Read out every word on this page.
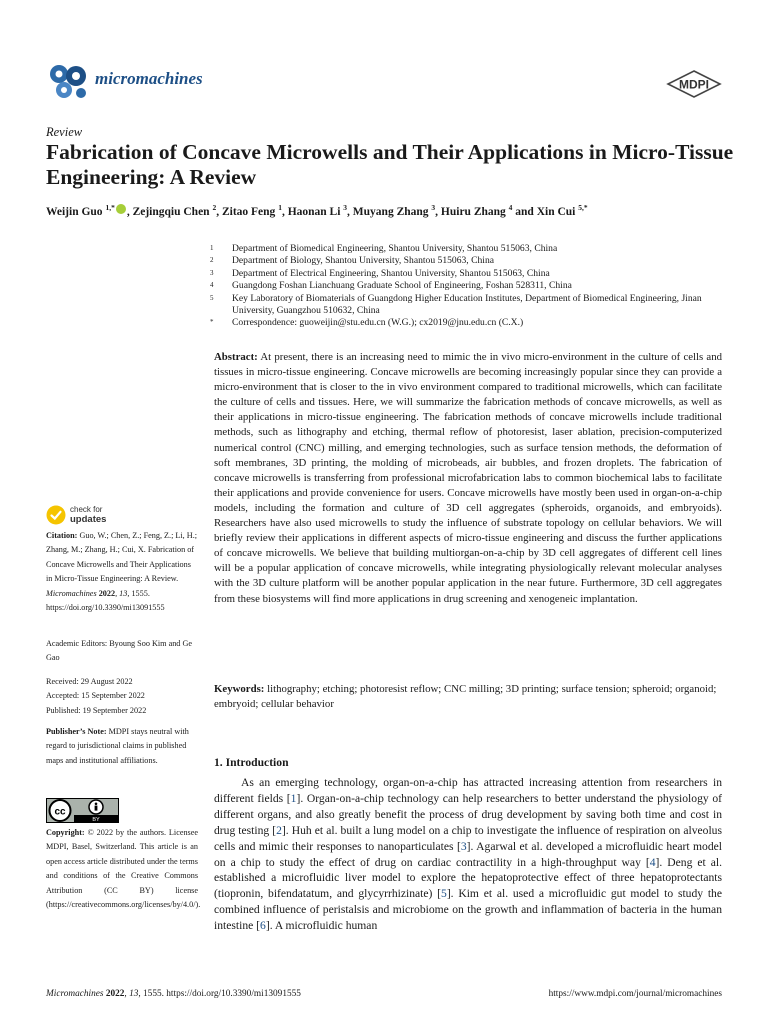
micromachines	MDPI
Review
Fabrication of Concave Microwells and Their Applications in Micro-Tissue Engineering: A Review
Weijin Guo $^{1,*}$ , Zejingqiu Chen $^2$, Zitao Feng $^1$, Haonan Li $^3$, Muyang Zhang $^3$, Huiru Zhang $^4$ and Xin Cui $^{5,*}$
1	Department of Biomedical Engineering, Shantou University, Shantou 515063, China
2	Department of Biology, Shantou University, Shantou 515063, China
3	Department of Electrical Engineering, Shantou University, Shantou 515063, China
4	Guangdong Foshan Lianchuang Graduate School of Engineering, Foshan 528311, China
5	Key Laboratory of Biomaterials of Guangdong Higher Education Institutes, Department of Biomedical Engineering, Jinan University, Guangzhou 510632, China
*	Correspondence: guoweijin@stu.edu.cn (W.G.); cx2019@jnu.edu.cn (C.X.)
Abstract: At present, there is an increasing need to mimic the in vivo micro-environment in the culture of cells and tissues in micro-tissue engineering. Concave microwells are becoming increasingly popular since they can provide a micro-environment that is closer to the in vivo environment compared to traditional microwells, which can facilitate the culture of cells and tissues. Here, we will summarize the fabrication methods of concave microwells, as well as their applications in micro-tissue engineering. The fabrication methods of concave microwells include traditional methods, such as lithography and etching, thermal reflow of photoresist, laser ablation, precision-computerized numerical control (CNC) milling, and emerging technologies, such as surface tension methods, the deformation of soft membranes, 3D printing, the molding of microbeads, air bubbles, and frozen droplets. The fabrication of concave microwells is transferring from professional microfabrication labs to common biochemical labs to facilitate their applications and provide convenience for users. Concave microwells have mostly been used in organ-on-a-chip models, including the formation and culture of 3D cell aggregates (spheroids, organoids, and embryoids). Researchers have also used microwells to study the influence of substrate topology on cellular behaviors. We will briefly review their applications in different aspects of micro-tissue engineering and discuss the further applications of concave microwells. We believe that building multiorgan-on-a-chip by 3D cell aggregates of different cell lines will be a popular application of concave microwells, while integrating physiologically relevant molecular analyses with the 3D culture platform will be another popular application in the near future. Furthermore, 3D cell aggregates from these biosystems will find more applications in drug screening and xenogeneic implantation.
Keywords: lithography; etching; photoresist reflow; CNC milling; 3D printing; surface tension; spheroid; organoid; embryoid; cellular behavior
1. Introduction
As an emerging technology, organ-on-a-chip has attracted increasing attention from researchers in different fields [1]. Organ-on-a-chip technology can help researchers to better understand the physiology of different organs, and also greatly benefit the process of drug development by saving both time and cost in drug testing [2]. Huh et al. built a lung model on a chip to investigate the influence of respiration on alveolus cells and mimic their responses to nanoparticulates [3]. Agarwal et al. developed a microfluidic heart model on a chip to study the effect of drug on cardiac contractility in a high-throughput way [4]. Deng et al. established a microfluidic liver model to explore the hepatoprotective effect of three hepatoprotectants (tiopronin, bifendatatum, and glycyrrhizinate) [5]. Kim et al. used a microfluidic gut model to study the combined influence of peristalsis and microbiome on the growth and inflammation of bacteria in the human intestine [6]. A microfluidic human
check for
updates
Citation: Guo, W.; Chen, Z.; Feng, Z.; Li, H.; Zhang, M.; Zhang, H.; Cui, X. Fabrication of Concave Microwells and Their Applications in Micro-Tissue Engineering: A Review. Micromachines 2022, 13, 1555. https://doi.org/10.3390/mi13091555
Academic Editors: Byoung Soo Kim and Ge Gao
Received: 29 August 2022
Accepted: 15 September 2022
Published: 19 September 2022
Publisher’s Note: MDPI stays neutral with regard to jurisdictional claims in published maps and institutional affiliations.
cc
BY
Copyright: © 2022 by the authors. Licensee MDPI, Basel, Switzerland. This article is an open access article distributed under the terms and conditions of the Creative Commons Attribution (CC BY) license (https://creativecommons.org/licenses/by/4.0/).
Micromachines 2022, 13, 1555. https://doi.org/10.3390/mi13091555	https://www.mdpi.com/journal/micromachines
